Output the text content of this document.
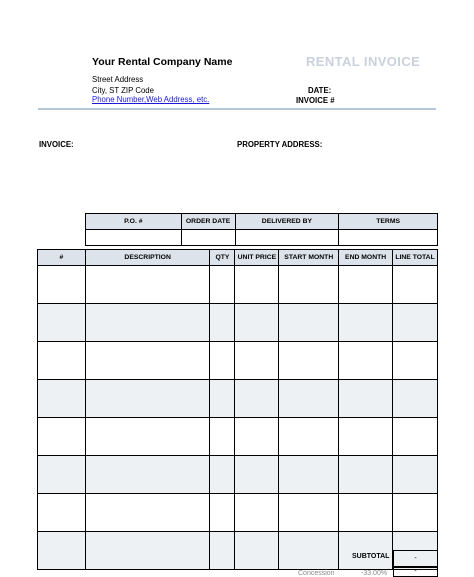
Your Rental Company Name
Street Address
City, ST ZIP Code
Phone Number,Web Address, etc.
RENTAL INVOICE
DATE:
INVOICE #
INVOICE:	PROPERTY ADDRESS:
P.O. #	ORDER DATE	DELIVERED BY	TERMS

#	DESCRIPTION	QTY	UNIT PRICE	START MONTH	END MONTH	LINE TOTAL

SUBTOTAL	-
Concession	-33.00%	-
